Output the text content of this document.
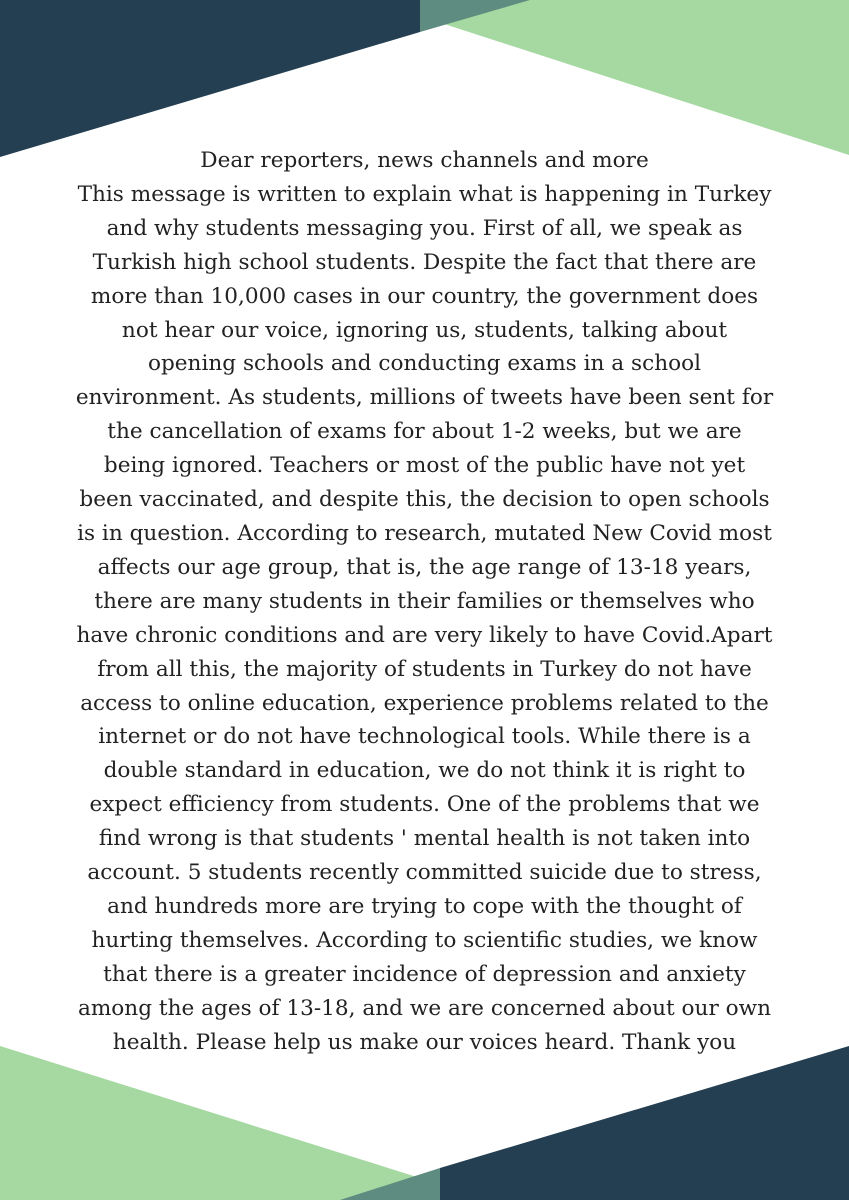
Dear reporters, news channels and more
This message is written to explain what is happening in Turkey
and why students messaging you. First of all, we speak as
Turkish high school students. Despite the fact that there are
more than 10,000 cases in our country, the government does
not hear our voice, ignoring us, students, talking about
opening schools and conducting exams in a school
environment. As students, millions of tweets have been sent for
the cancellation of exams for about 1-2 weeks, but we are
being ignored. Teachers or most of the public have not yet
been vaccinated, and despite this, the decision to open schools
is in question. According to research, mutated New Covid most
affects our age group, that is, the age range of 13-18 years,
there are many students in their families or themselves who
have chronic conditions and are very likely to have Covid.Apart
from all this, the majority of students in Turkey do not have
access to online education, experience problems related to the
internet or do not have technological tools. While there is a
double standard in education, we do not think it is right to
expect efficiency from students. One of the problems that we
find wrong is that students ' mental health is not taken into
account. 5 students recently committed suicide due to stress,
and hundreds more are trying to cope with the thought of
hurting themselves. According to scientific studies, we know
that there is a greater incidence of depression and anxiety
among the ages of 13-18, and we are concerned about our own
health. Please help us make our voices heard. Thank you
